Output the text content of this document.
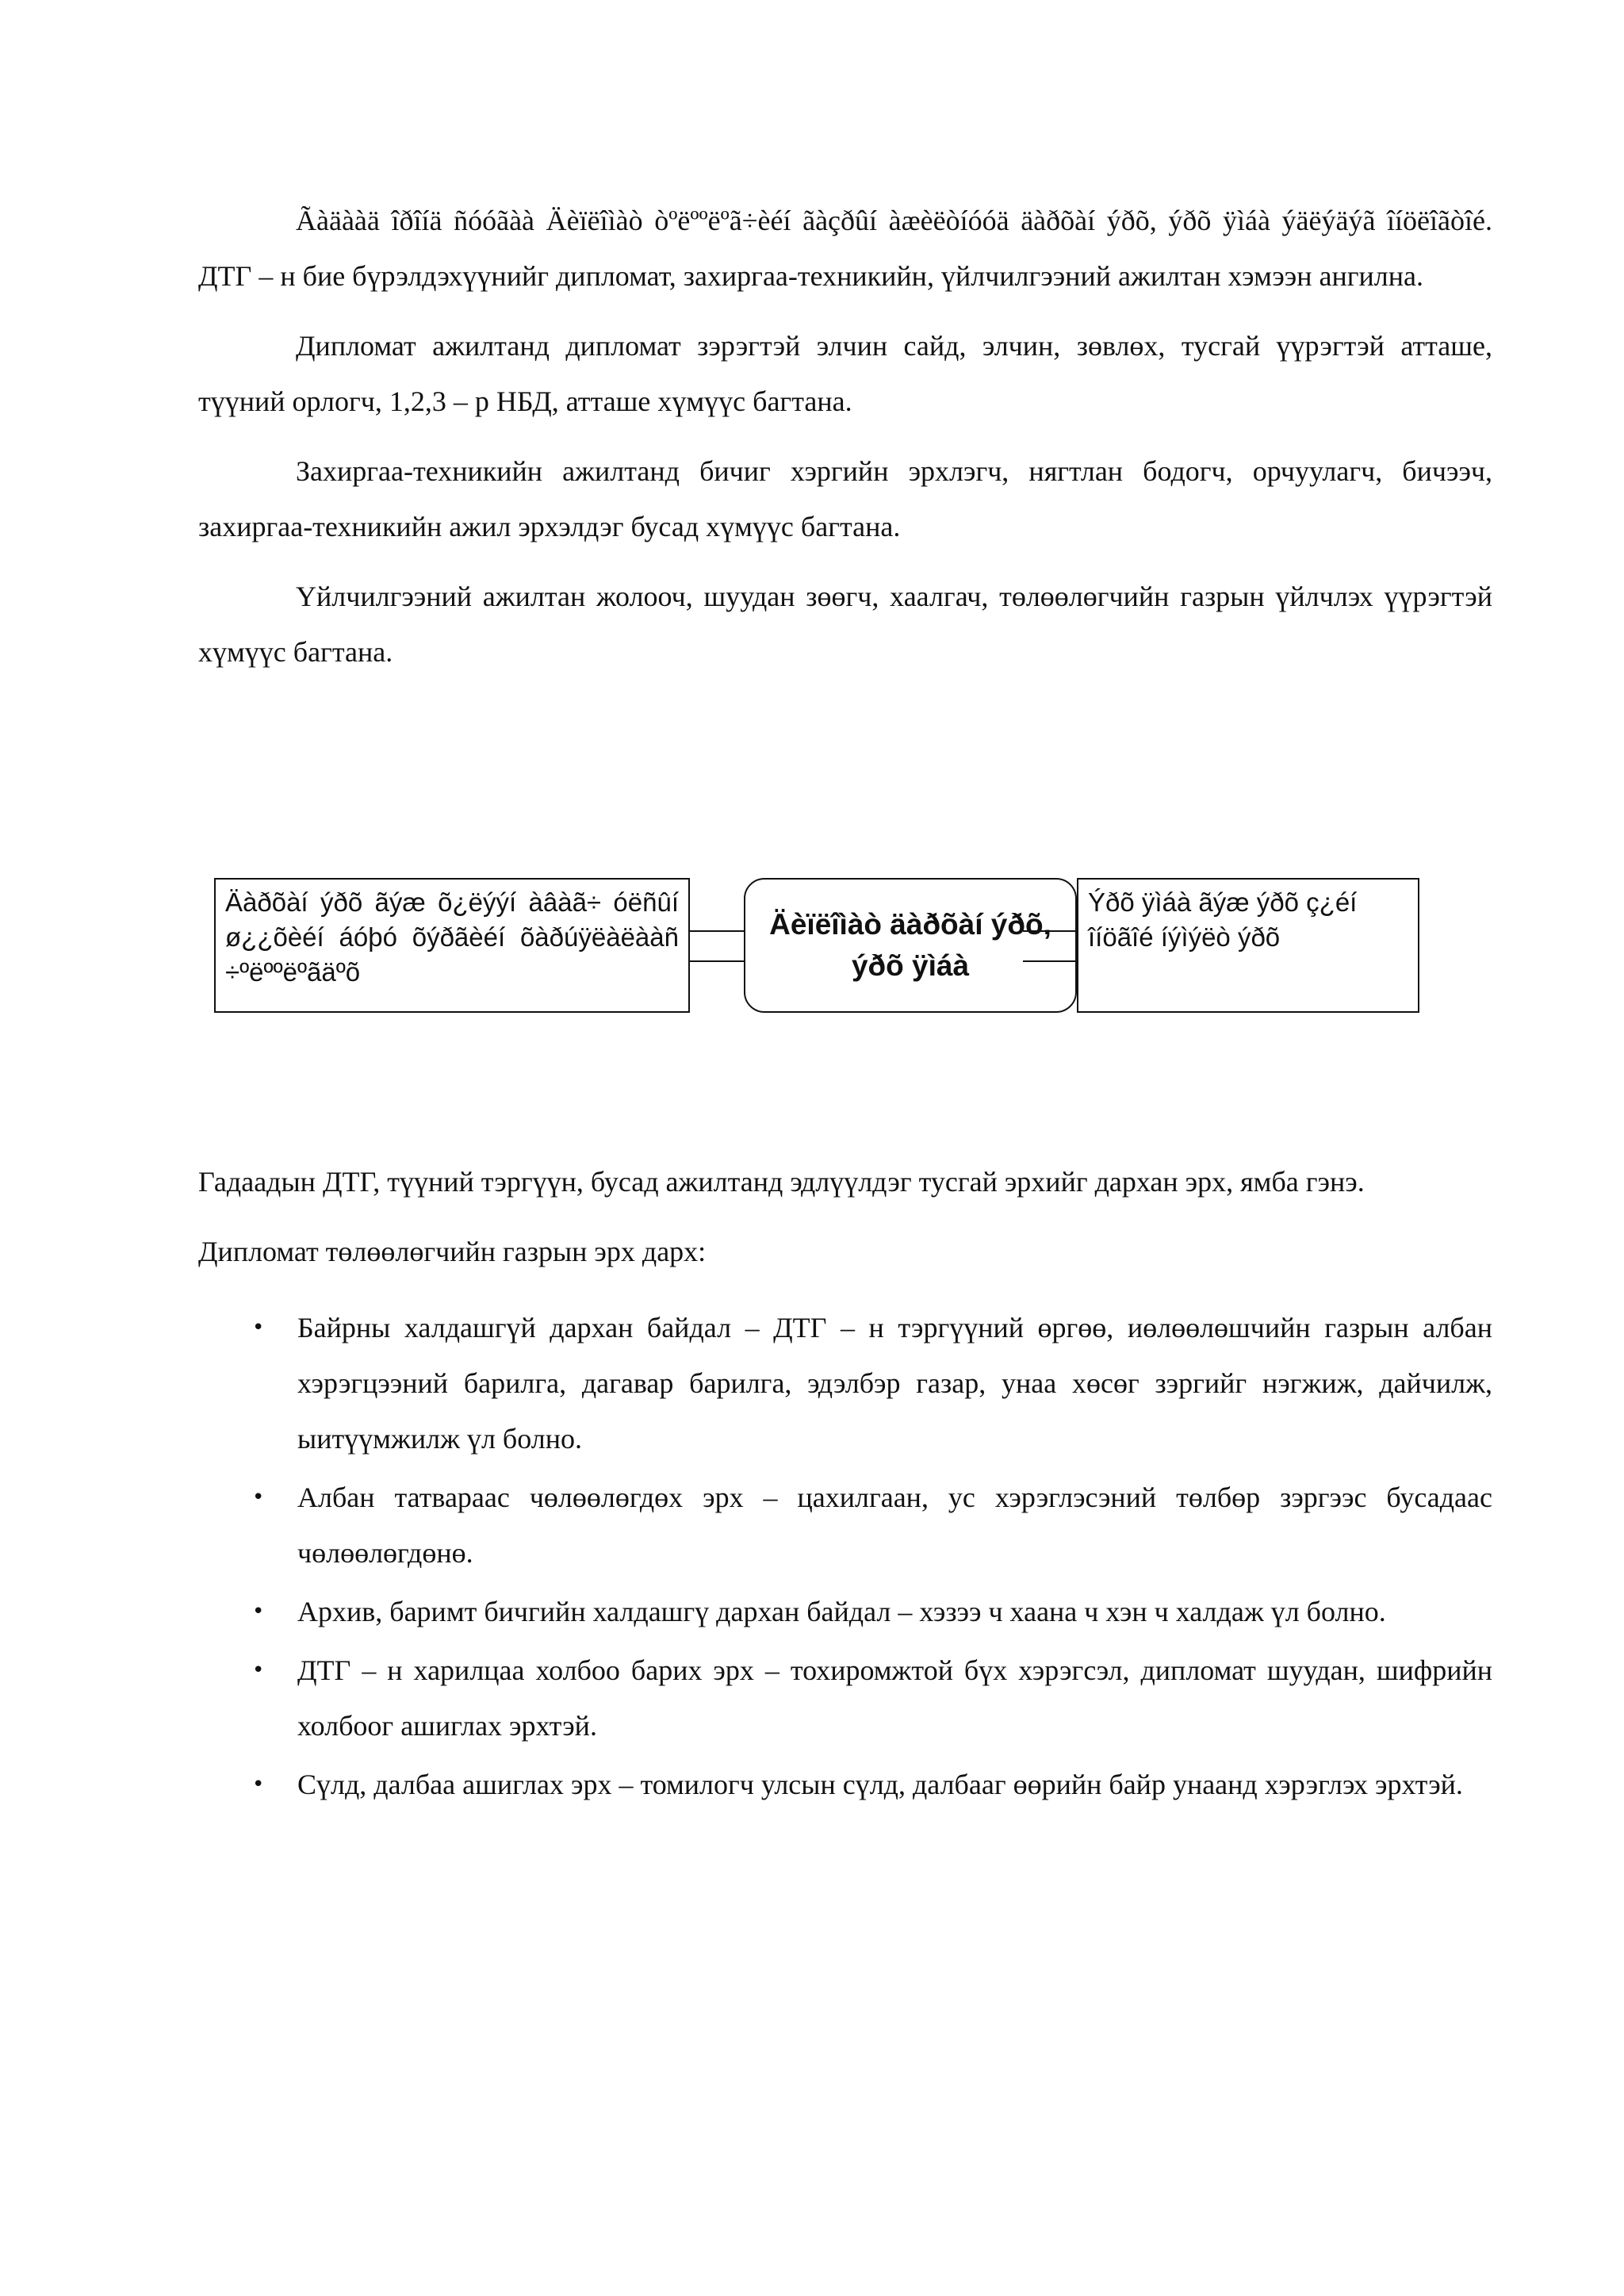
Ãàäààä îðîíä ñóóãàà Äèïëîìàò òºëººëºã÷èéí ãàçðûí àæèëòíóóä äàðõàí ýðõ, ýðõ ÿìáà ýäëýäýã îíöëîãòîé. ДТГ – н бие бүрэлдэхүүнийг дипломат, захиргаа-техникийн, үйлчилгээний ажилтан хэмээн ангилна.

Дипломат ажилтанд дипломат зэрэгтэй элчин сайд, элчин, зөвлөх, тусгай үүрэгтэй атташе, түүний орлогч, 1,2,3 – р НБД, атташе хүмүүс багтана.

Захиргаа-техникийн ажилтанд бичиг хэргийн эрхлэгч, нягтлан бодогч, орчуулагч, бичээч, захиргаа-техникийн ажил эрхэлдэг бусад хүмүүс багтана.

Үйлчилгээний ажилтан жолооч, шуудан зөөгч, хаалгач, төлөөлөгчийн газрын үйлчлэх үүрэгтэй хүмүүс багтана.

Äàðõàí ýðõ ãýæ õ¿ëýýí àâàã÷ óëñûí ø¿¿õèéí áóþó õýðãèéí õàðúÿëàëààñ ÷ºëººëºãäºõ
Äèïëîìàò äàðõàí ýðõ, ýðõ ÿìáà
Ýðõ ÿìáà ãýæ ýðõ ç¿éí îíöãîé íýìýëò ýðõ

Гадаадын ДТГ, түүний тэргүүн, бусад ажилтанд эдлүүлдэг тусгай эрхийг дархан эрх, ямба гэнэ.

Дипломат төлөөлөгчийн газрын эрх дарх:

• Байрны халдашгүй дархан байдал – ДТГ – н тэргүүний өргөө, иөлөөлөшчийн газрын албан хэрэгцээний барилга, дагавар барилга, эдэлбэр газар, унаа хөсөг зэргийг нэгжиж, дайчилж, ыитүүмжилж үл болно.
• Албан татвараас чөлөөлөгдөх эрх – цахилгаан, ус хэрэглэсэний төлбөр зэргээс бусадаас чөлөөлөгдөнө.
• Архив, баримт бичгийн халдашгү дархан байдал – хэзээ ч хаана ч хэн ч халдаж үл болно.
• ДТГ – н харилцаа холбоо барих эрх – тохиромжтой бүх хэрэгсэл, дипломат шуудан, шифрийн холбоог ашиглах эрхтэй.
• Сүлд, далбаа ашиглах эрх – томилогч улсын сүлд, далбааг өөрийн байр унаанд хэрэглэх эрхтэй.
